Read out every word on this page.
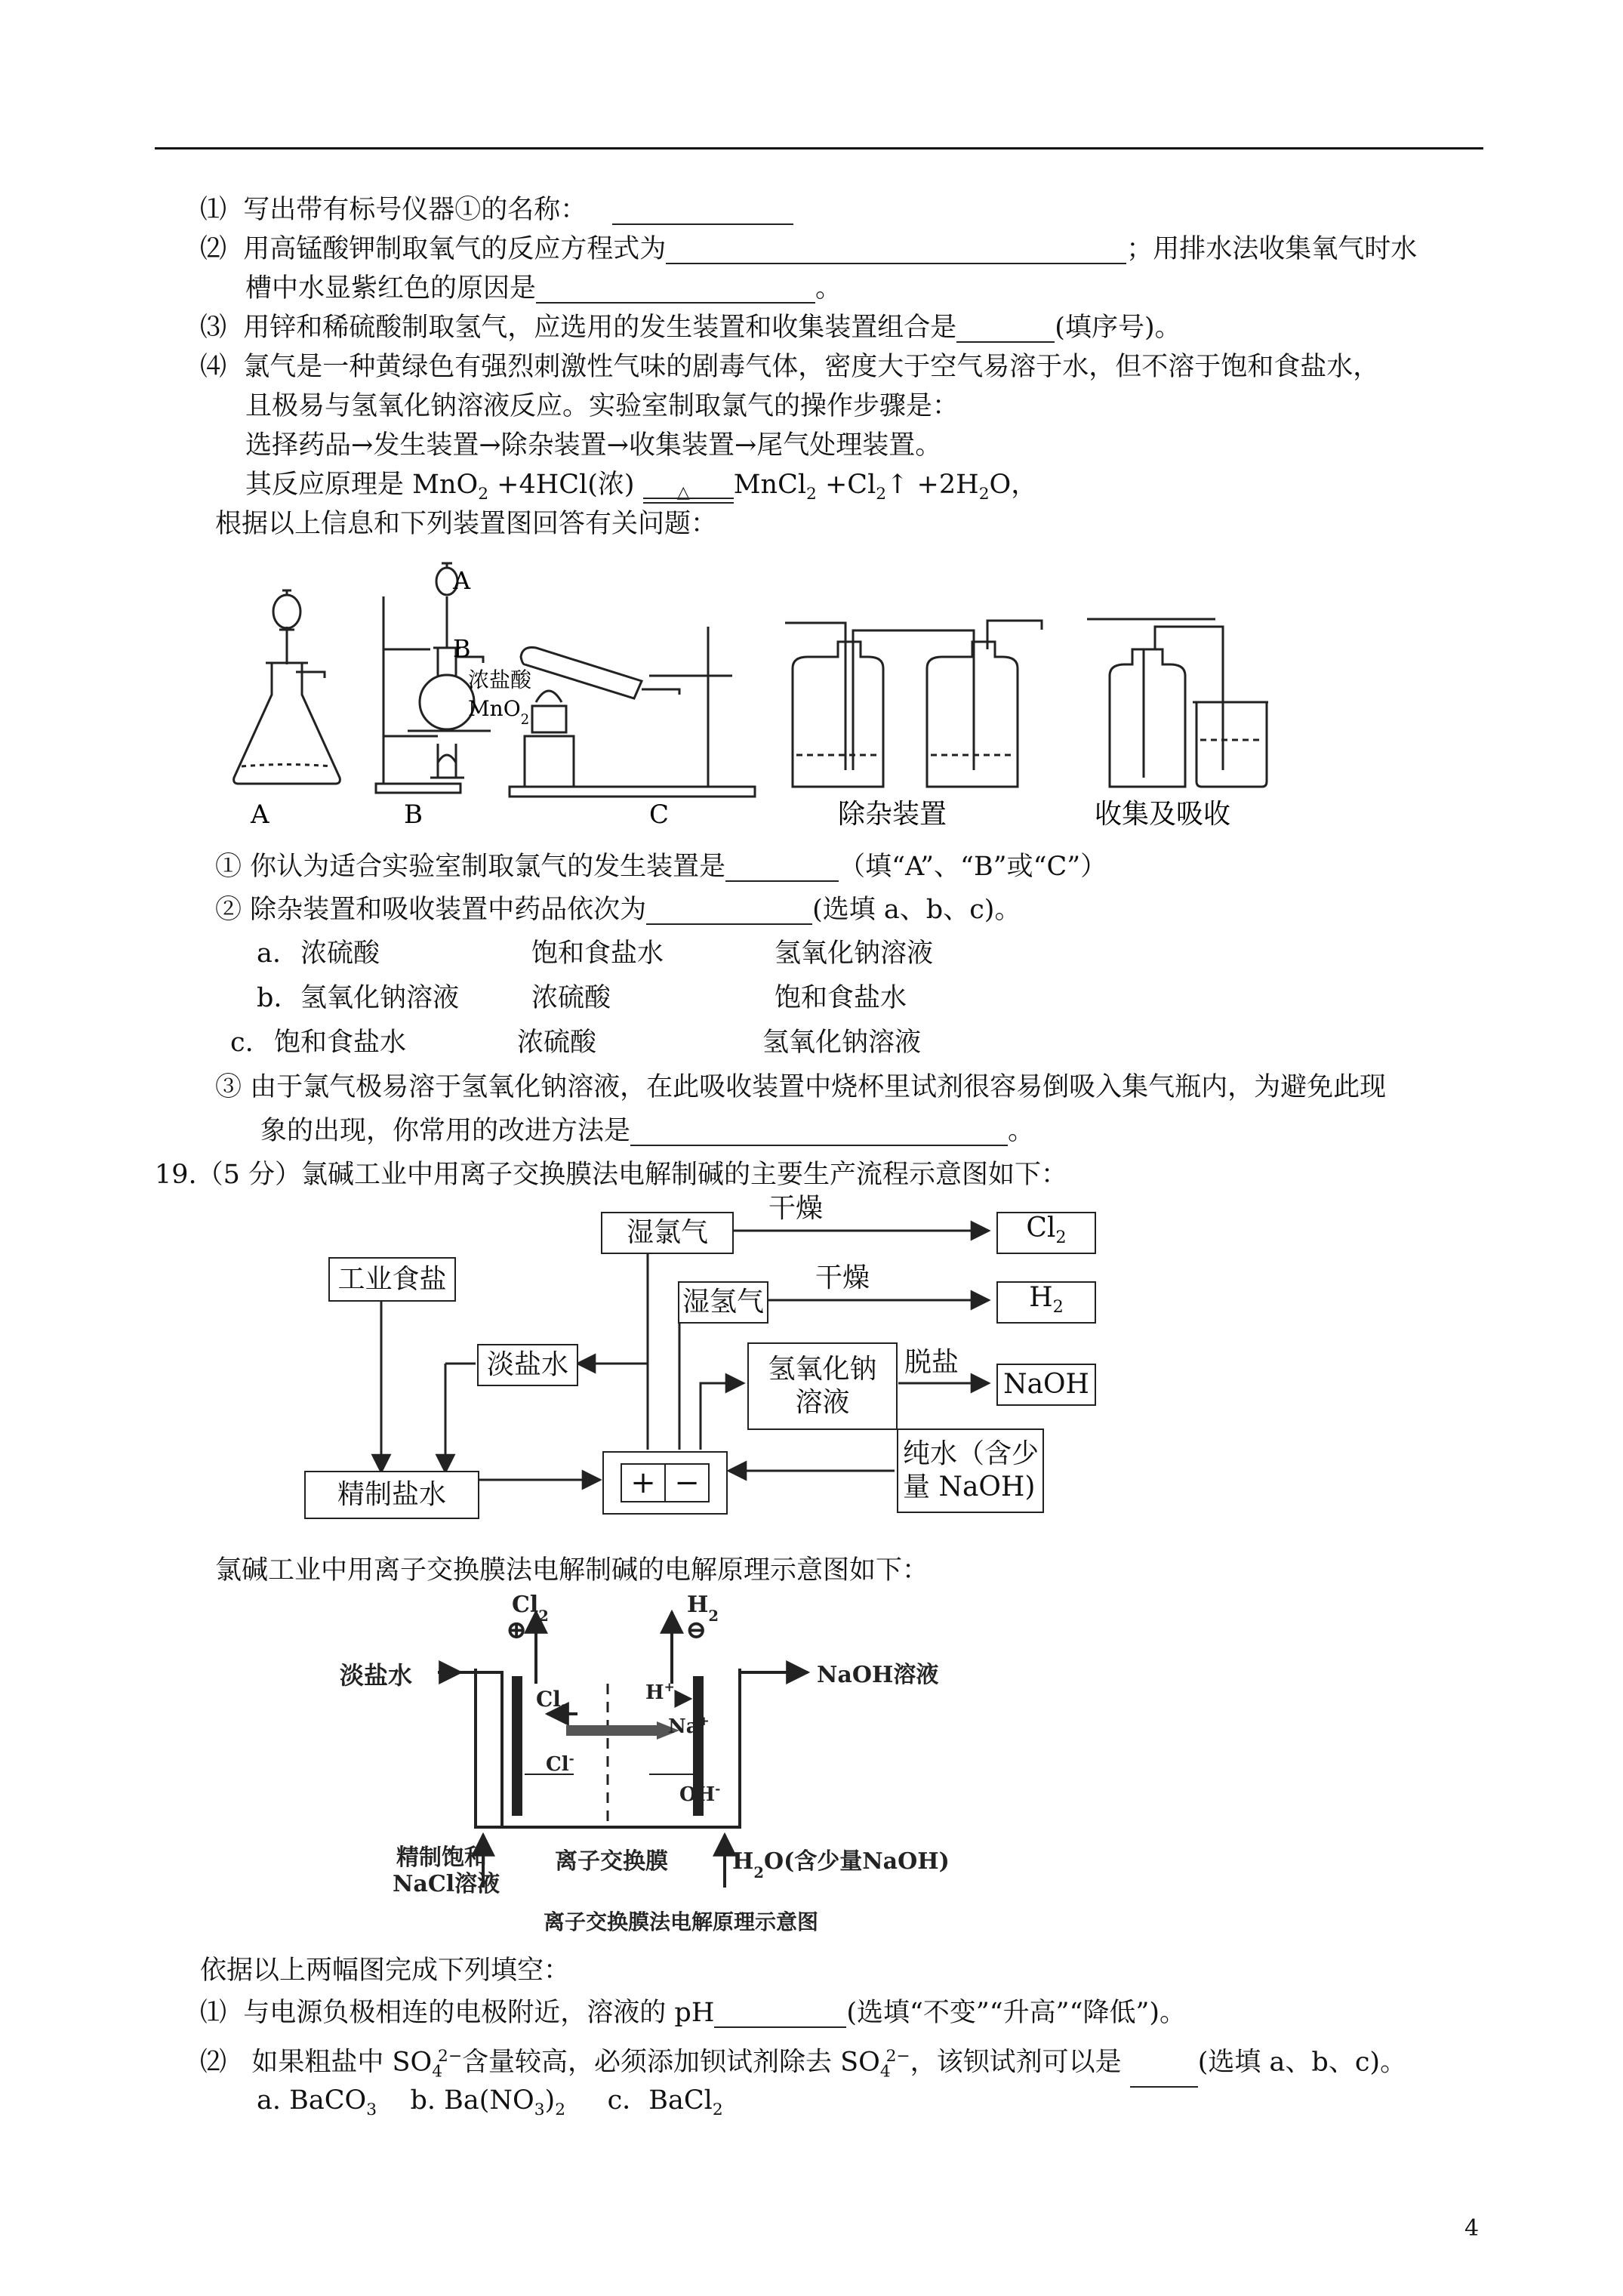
⑴ 写出带有标号仪器①的名称：
⑵ 用高锰酸钾制取氧气的反应方程式为	；用排水法收集氧气时水
槽中水显紫红色的原因是	。
⑶ 用锌和稀硫酸制取氢气，应选用的发生装置和收集装置组合是	(填序号)。
⑷ 氯气是一种黄绿色有强烈刺激性气味的剧毒气体，密度大于空气易溶于水，但不溶于饱和食盐水，
且极易与氢氧化钠溶液反应。实验室制取氯气的操作步骤是：
选择药品→发生装置→除杂装置→收集装置→尾气处理装置。
其反应原理是 MnO$_2$ +4HCl(浓)	△ MnCl$_2$ $+Cl_2↑ +2H_2O$，
根据以上信息和下列装置图回答有关问题：
A
B
浓盐酸
MnO$_2$
A	B	C	除杂装置	收集及吸收
① 你认为适合实验室制取氯气的发生装置是	（填“A”、“B”或“C”）
② 除杂装置和吸收装置中药品依次为	(选填 a、b、c)。
a. 浓硫酸	饱和食盐水	氢氧化钠溶液
b. 氢氧化钠溶液	浓硫酸	饱和食盐水
c. 饱和食盐水	浓硫酸	氢氧化钠溶液
③ 由于氯气极易溶于氢氧化钠溶液，在此吸收装置中烧杯里试剂很容易倒吸入集气瓶内，为避免此现
象的出现，你常用的改进方法是	。
19.（5 分）氯碱工业中用离子交换膜法电解制碱的主要生产流程示意图如下：
湿氯气
干燥
$Cl_2$
工业食盐
湿氢气
干燥
$H_2$
淡盐水	氢氧化钠
溶液
脱盐
NaOH
纯水（含少
量 NaOH)
精制盐水	+ −
氯碱工业中用离子交换膜法电解制碱的电解原理示意图如下：
$Cl_2$	$H_2$
⊕	⊖
淡盐水	NaOH溶液
$Cl_2$
H+
Na+
Cl-
OH-
精制饱和
NaCl溶液
离子交换膜	$H_2O$(含少量NaOH)
离子交换膜法电解原理示意图
依据以上两幅图完成下列填空：
⑴ 与电源负极相连的电极附近，溶液的 pH	(选填“不变”“升高”“降低”)。
⑵ 如果粗盐中 $SO_4^{2-}$含量较高，必须添加钡试剂除去 $SO_4^{2-}$，该钡试剂可以是	(选填 a、b、c)。
a. BaCO$_3$ b. $Ba(NO_3)_2$ c．BaCl$_2$
4
